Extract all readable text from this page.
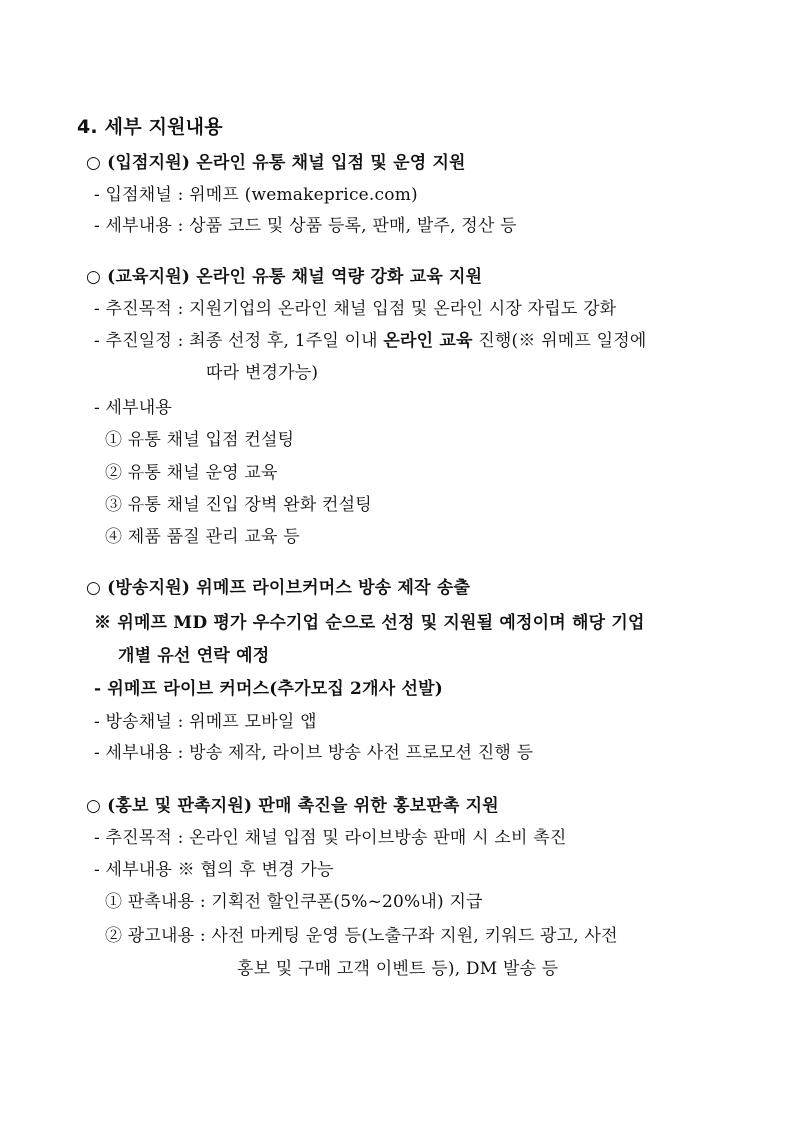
4. 세부 지원내용
○ (입점지원) 온라인 유통 채널 입점 및 운영 지원
- 입점채널 : 위메프 (wemakeprice.com)
- 세부내용 : 상품 코드 및 상품 등록, 판매, 발주, 정산 등
○ (교육지원) 온라인 유통 채널 역량 강화 교육 지원
- 추진목적 : 지원기업의 온라인 채널 입점 및 온라인 시장 자립도 강화
- 추진일정 : 최종 선정 후, 1주일 이내 온라인 교육 진행(※ 위메프 일정에
따라 변경가능)
- 세부내용
① 유통 채널 입점 컨설팅
② 유통 채널 운영 교육
③ 유통 채널 진입 장벽 완화 컨설팅
④ 제품 품질 관리 교육 등
○ (방송지원) 위메프 라이브커머스 방송 제작 송출
※ 위메프 MD 평가 우수기업 순으로 선정 및 지원될 예정이며 해당 기업
개별 유선 연락 예정
- 위메프 라이브 커머스(추가모집 2개사 선발)
- 방송채널 : 위메프 모바일 앱
- 세부내용 : 방송 제작, 라이브 방송 사전 프로모션 진행 등
○ (홍보 및 판촉지원) 판매 촉진을 위한 홍보판촉 지원
- 추진목적 : 온라인 채널 입점 및 라이브방송 판매 시 소비 촉진
- 세부내용 ※ 협의 후 변경 가능
① 판촉내용 : 기획전 할인쿠폰(5%~20%내) 지급
② 광고내용 : 사전 마케팅 운영 등(노출구좌 지원, 키워드 광고, 사전
홍보 및 구매 고객 이벤트 등), DM 발송 등
